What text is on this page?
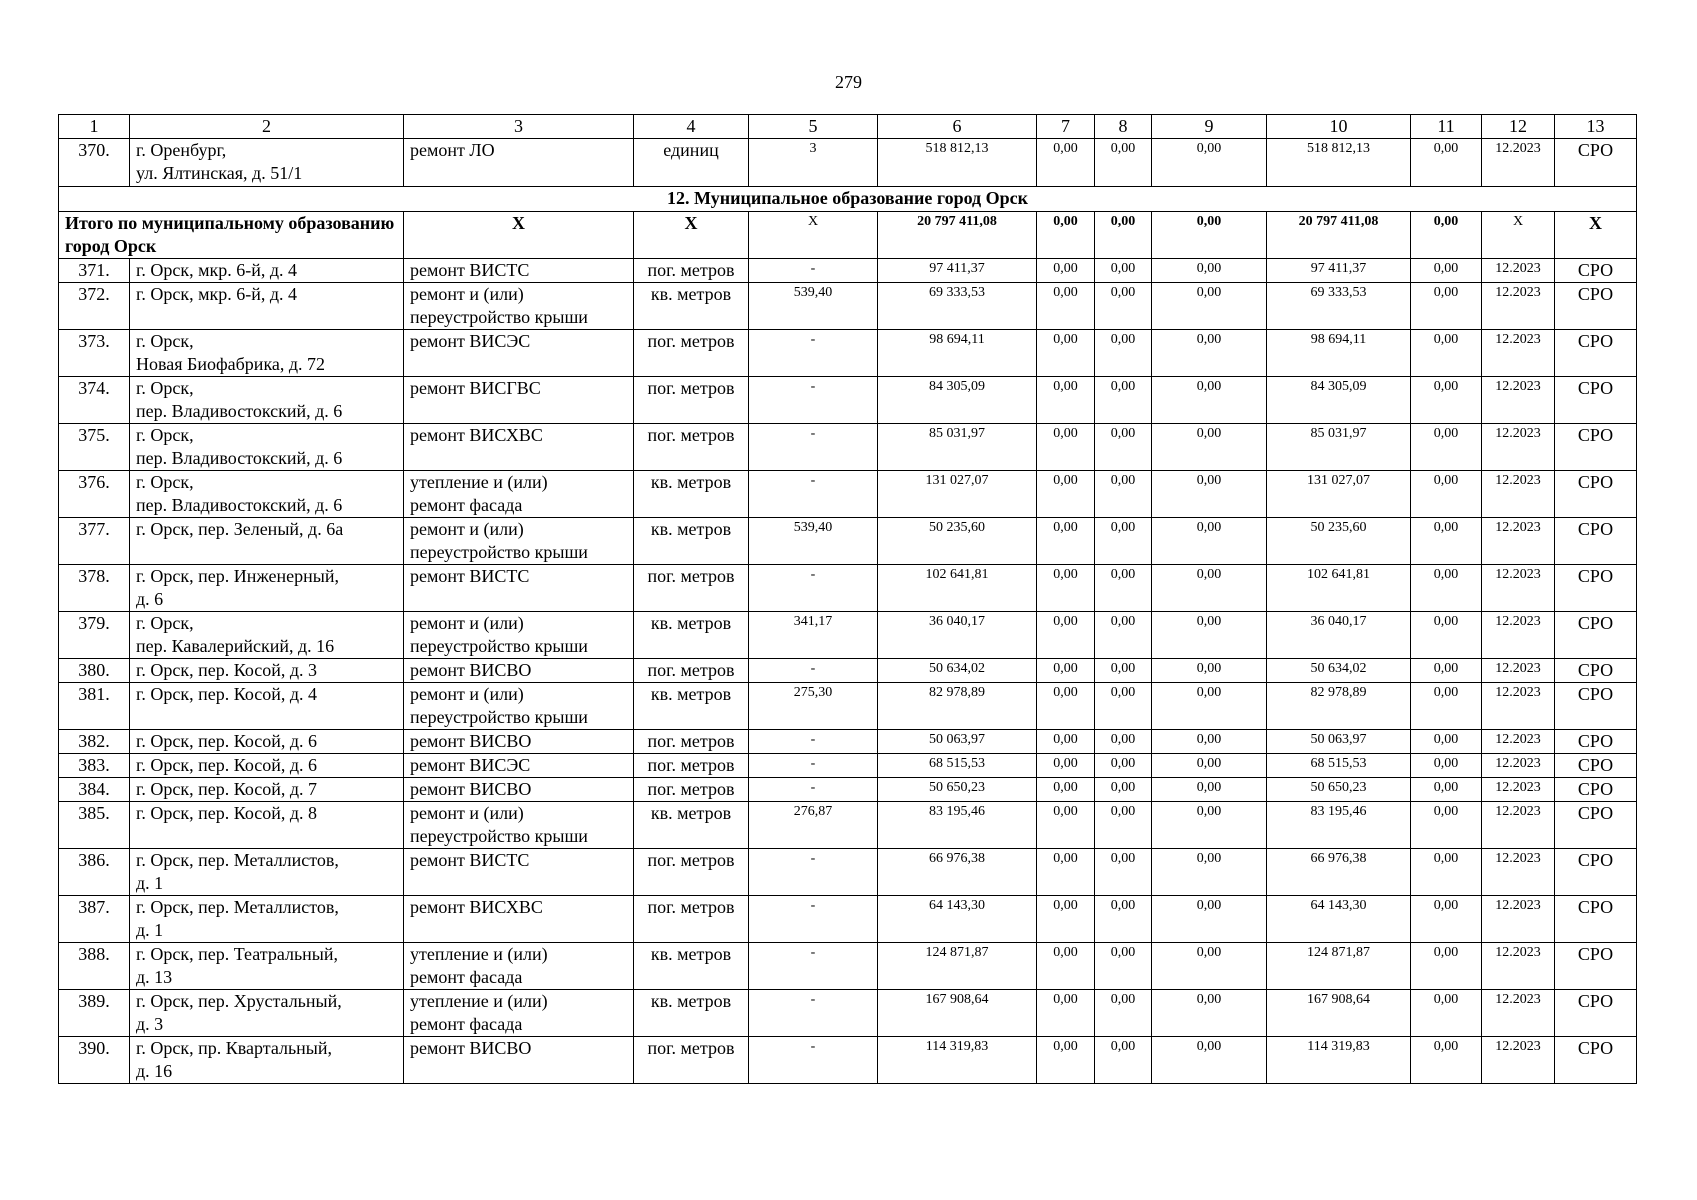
279
1	2	3	4	5	6	7	8	9	10	11	12	13
370.	г. Оренбург,
ул. Ялтинская, д. 51/1	ремонт ЛО	единиц	3	518 812,13	0,00	0,00	0,00	518 812,13	0,00	12.2023	СРО
12. Муниципальное образование город Орск												
Итого по муниципальному образованию город Орск		X	X	X	20 797 411,08	0,00	0,00	0,00	20 797 411,08	0,00	X	X
371.	г. Орск, мкр. 6-й, д. 4	ремонт ВИСТС	пог. метров	-	97 411,37	0,00	0,00	0,00	97 411,37	0,00	12.2023	СРО
372.	г. Орск, мкр. 6-й, д. 4	ремонт и (или)
переустройство крыши	кв. метров	539,40	69 333,53	0,00	0,00	0,00	69 333,53	0,00	12.2023	СРО
373.	г. Орск,
Новая Биофабрика, д. 72	ремонт ВИСЭС	пог. метров	-	98 694,11	0,00	0,00	0,00	98 694,11	0,00	12.2023	СРО
374.	г. Орск,
пер. Владивостокский, д. 6	ремонт ВИСГВС	пог. метров	-	84 305,09	0,00	0,00	0,00	84 305,09	0,00	12.2023	СРО
375.	г. Орск,
пер. Владивостокский, д. 6	ремонт ВИСХВС	пог. метров	-	85 031,97	0,00	0,00	0,00	85 031,97	0,00	12.2023	СРО
376.	г. Орск,
пер. Владивостокский, д. 6	утепление и (или)
ремонт фасада	кв. метров	-	131 027,07	0,00	0,00	0,00	131 027,07	0,00	12.2023	СРО
377.	г. Орск, пер. Зеленый, д. 6а	ремонт и (или)
переустройство крыши	кв. метров	539,40	50 235,60	0,00	0,00	0,00	50 235,60	0,00	12.2023	СРО
378.	г. Орск, пер. Инженерный,
д. 6	ремонт ВИСТС	пог. метров	-	102 641,81	0,00	0,00	0,00	102 641,81	0,00	12.2023	СРО
379.	г. Орск,
пер. Кавалерийский, д. 16	ремонт и (или)
переустройство крыши	кв. метров	341,17	36 040,17	0,00	0,00	0,00	36 040,17	0,00	12.2023	СРО
380.	г. Орск, пер. Косой, д. 3	ремонт ВИСВО	пог. метров	-	50 634,02	0,00	0,00	0,00	50 634,02	0,00	12.2023	СРО
381.	г. Орск, пер. Косой, д. 4	ремонт и (или)
переустройство крыши	кв. метров	275,30	82 978,89	0,00	0,00	0,00	82 978,89	0,00	12.2023	СРО
382.	г. Орск, пер. Косой, д. 6	ремонт ВИСВО	пог. метров	-	50 063,97	0,00	0,00	0,00	50 063,97	0,00	12.2023	СРО
383.	г. Орск, пер. Косой, д. 6	ремонт ВИСЭС	пог. метров	-	68 515,53	0,00	0,00	0,00	68 515,53	0,00	12.2023	СРО
384.	г. Орск, пер. Косой, д. 7	ремонт ВИСВО	пог. метров	-	50 650,23	0,00	0,00	0,00	50 650,23	0,00	12.2023	СРО
385.	г. Орск, пер. Косой, д. 8	ремонт и (или)
переустройство крыши	кв. метров	276,87	83 195,46	0,00	0,00	0,00	83 195,46	0,00	12.2023	СРО
386.	г. Орск, пер. Металлистов,
д. 1	ремонт ВИСТС	пог. метров	-	66 976,38	0,00	0,00	0,00	66 976,38	0,00	12.2023	СРО
387.	г. Орск, пер. Металлистов,
д. 1	ремонт ВИСХВС	пог. метров	-	64 143,30	0,00	0,00	0,00	64 143,30	0,00	12.2023	СРО
388.	г. Орск, пер. Театральный,
д. 13	утепление и (или)
ремонт фасада	кв. метров	-	124 871,87	0,00	0,00	0,00	124 871,87	0,00	12.2023	СРО
389.	г. Орск, пер. Хрустальный,
д. 3	утепление и (или)
ремонт фасада	кв. метров	-	167 908,64	0,00	0,00	0,00	167 908,64	0,00	12.2023	СРО
390.	г. Орск, пр. Квартальный,
д. 16	ремонт ВИСВО	пог. метров	-	114 319,83	0,00	0,00	0,00	114 319,83	0,00	12.2023	СРО
